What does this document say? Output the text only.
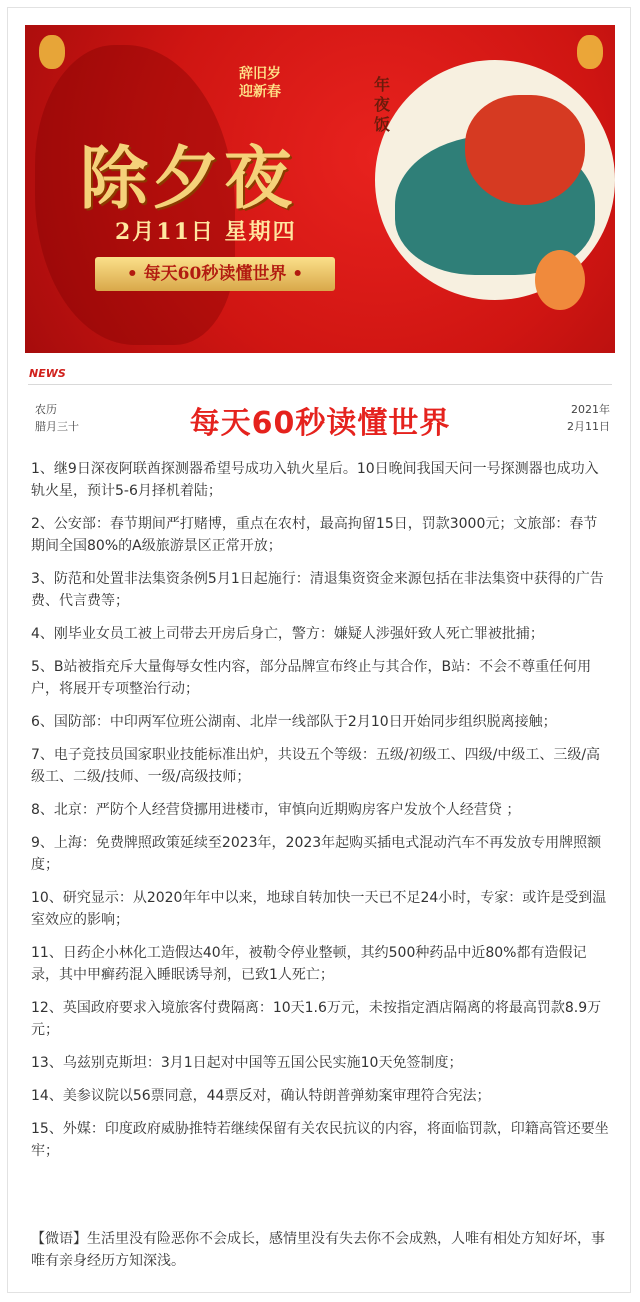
辞旧岁
迎新春	年夜饭
除夕夜
2月11日 星期四
• 每天60秒读懂世界 •
NEWS
农历
腊月三十	每天60秒读懂世界	2021年
2月11日

1、继9日深夜阿联酋探测器希望号成功入轨火星后。10日晚间我国天问一号探测器也成功入轨火星，预计5-6月择机着陆；

2、公安部：春节期间严打赌博，重点在农村，最高拘留15日，罚款3000元；文旅部：春节期间全国80%的A级旅游景区正常开放；

3、防范和处置非法集资条例5月1日起施行：清退集资资金来源包括在非法集资中获得的广告费、代言费等；

4、刚毕业女员工被上司带去开房后身亡，警方：嫌疑人涉强奸致人死亡罪被批捕；

5、B站被指充斥大量侮辱女性内容，部分品牌宣布终止与其合作，B站：不会不尊重任何用户，将展开专项整治行动；

6、国防部：中印两军位班公湖南、北岸一线部队于2月10日开始同步组织脱离接触；

7、电子竞技员国家职业技能标准出炉，共设五个等级：五级/初级工、四级/中级工、三级/高级工、二级/技师、一级/高级技师；

8、北京：严防个人经营贷挪用进楼市，审慎向近期购房客户发放个人经营贷 ；

9、上海：免费牌照政策延续至2023年，2023年起购买插电式混动汽车不再发放专用牌照额度；

10、研究显示：从2020年年中以来，地球自转加快一天已不足24小时，专家：或许是受到温室效应的影响；

11、日药企小林化工造假达40年，被勒令停业整顿，其约500种药品中近80%都有造假记录，其中甲癣药混入睡眠诱导剂，已致1人死亡；

12、英国政府要求入境旅客付费隔离：10天1.6万元，未按指定酒店隔离的将最高罚款8.9万元；

13、乌兹别克斯坦：3月1日起对中国等五国公民实施10天免签制度；

14、美参议院以56票同意，44票反对，确认特朗普弹劾案审理符合宪法；

15、外媒：印度政府威胁推特若继续保留有关农民抗议的内容，将面临罚款，印籍高管还要坐牢；

【微语】生活里没有险恶你不会成长，感情里没有失去你不会成熟，人唯有相处方知好坏，事唯有亲身经历方知深浅。
